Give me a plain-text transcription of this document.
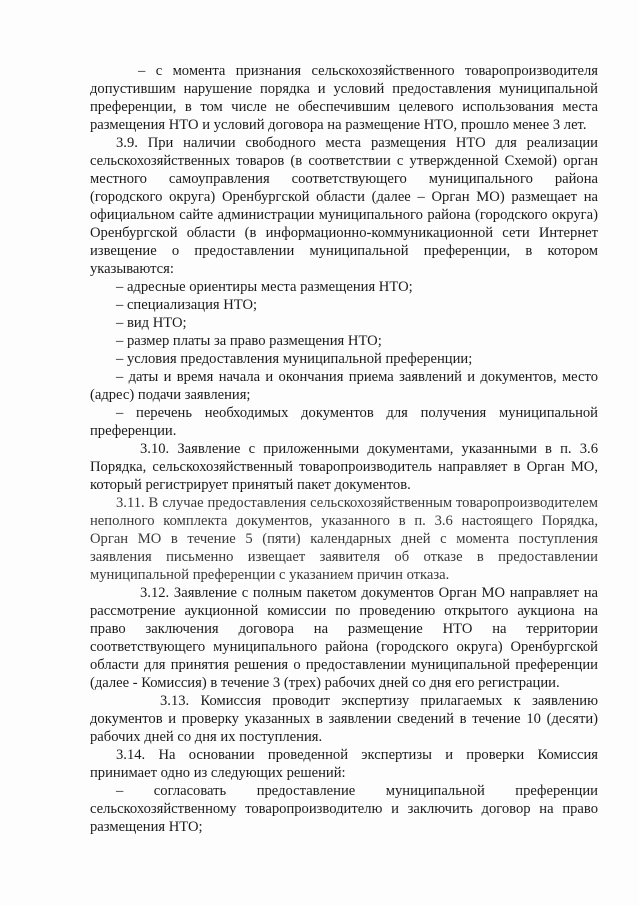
– с момента признания сельскохозяйственного товаропроизводителя допустившим нарушение порядка и условий предоставления муниципальной преференции, в том числе не обеспечившим целевого использования места размещения НТО и условий договора на размещение НТО, прошло менее 3 лет.

3.9. При наличии свободного места размещения НТО для реализации сельскохозяйственных товаров (в соответствии с утвержденной Схемой) орган местного самоуправления соответствующего муниципального района (городского округа) Оренбургской области (далее – Орган МО) размещает на официальном сайте администрации муниципального района (городского округа) Оренбургской области (в информационно-коммуникационной сети Интернет извещение о предоставлении муниципальной преференции, в котором указываются:

– адресные ориентиры места размещения НТО;

– специализация НТО;

– вид НТО;

– размер платы за право размещения НТО;

– условия предоставления муниципальной преференции;

– даты и время начала и окончания приема заявлений и документов, место (адрес) подачи заявления;

– перечень необходимых документов для получения муниципальной преференции.

3.10. Заявление с приложенными документами, указанными в п. 3.6 Порядка, сельскохозяйственный товаропроизводитель направляет в Орган МО, который регистрирует принятый пакет документов.

3.11. В случае предоставления сельскохозяйственным товаропроизводителем неполного комплекта документов, указанного в п. 3.6 настоящего Порядка, Орган МО в течение 5 (пяти) календарных дней с момента поступления заявления письменно извещает заявителя об отказе в предоставлении муниципальной преференции с указанием причин отказа.

3.12. Заявление с полным пакетом документов Орган МО направляет на рассмотрение аукционной комиссии по проведению открытого аукциона на право заключения договора на размещение НТО на территории соответствующего муниципального района (городского округа) Оренбургской области для принятия решения о предоставлении муниципальной преференции (далее - Комиссия) в течение 3 (трех) рабочих дней со дня его регистрации.

3.13. Комиссия проводит экспертизу прилагаемых к заявлению документов и проверку указанных в заявлении сведений в течение 10 (десяти) рабочих дней со дня их поступления.

3.14. На основании проведенной экспертизы и проверки Комиссия принимает одно из следующих решений:

– согласовать предоставление муниципальной преференции сельскохозяйственному товаропроизводителю и заключить договор на право размещения НТО;
